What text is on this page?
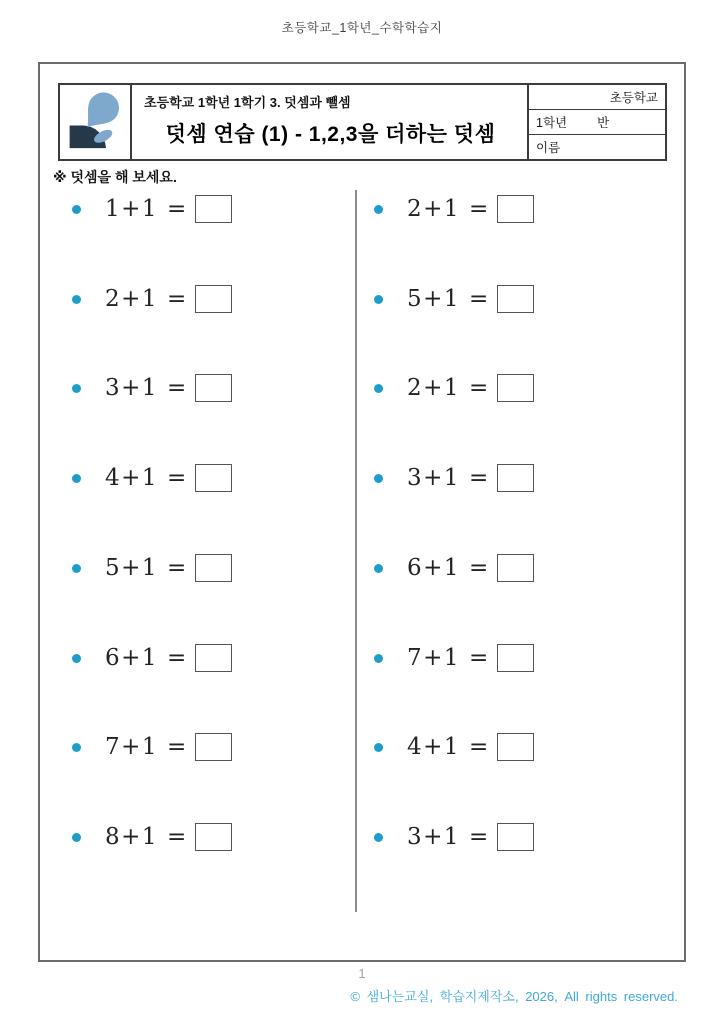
초등학교_1학년_수학학습지
초등학교 1학년 1학기 3. 덧셈과 뺄셈
덧셈 연습 (1) - 1,2,3을 더하는 덧셈
초등학교
1학년 반
이름
※ 덧셈을 해 보세요.
1+1 =
2+1 =
3+1 =
4+1 =
5+1 =
6+1 =
7+1 =
8+1 =
2+1 =
5+1 =
2+1 =
3+1 =
6+1 =
7+1 =
4+1 =
3+1 =
1
© 샘나는교실, 학습지제작소, 2026, All rights reserved.
